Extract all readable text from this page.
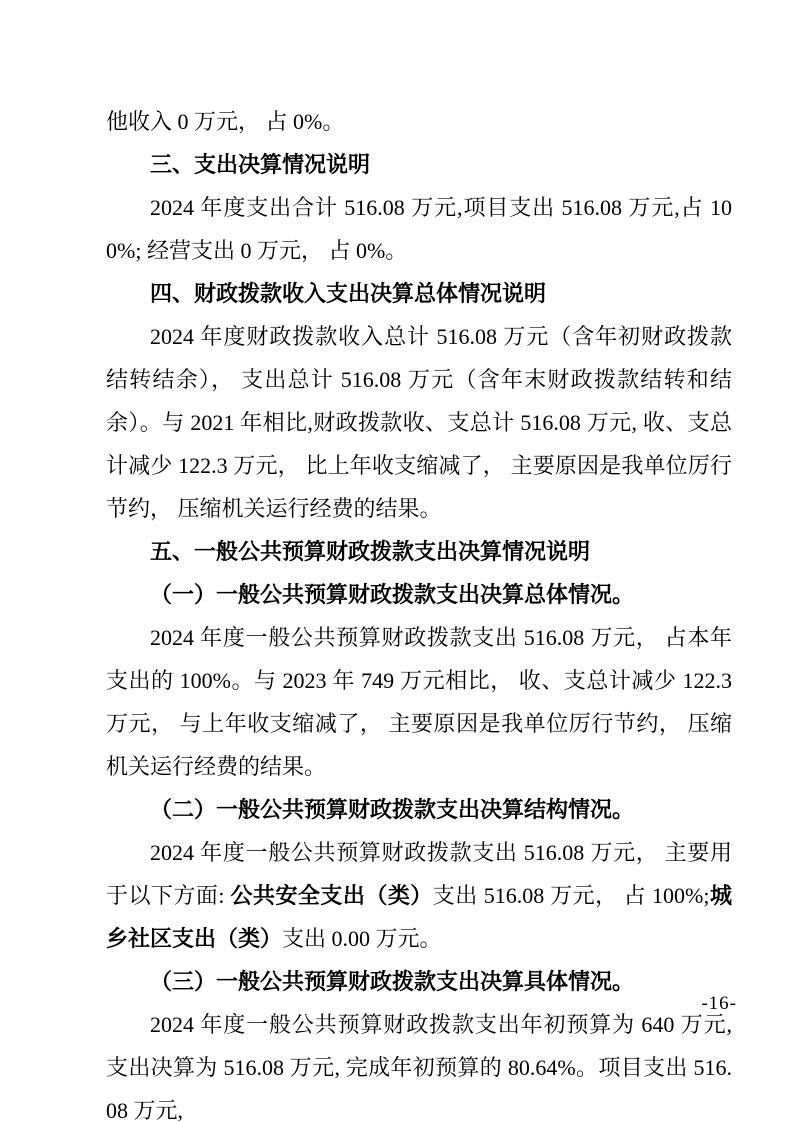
他收入 0 万元， 占 0%。

三、支出决算情况说明

2024 年度支出合计 516.08 万元,项目支出 516.08 万元,占 100%; 经营支出 0 万元， 占 0%。

四、财政拨款收入支出决算总体情况说明

2024 年度财政拨款收入总计 516.08 万元（含年初财政拨款结转结余）， 支出总计 516.08 万元（含年末财政拨款结转和结余）。与 2021 年相比,财政拨款收、支总计 516.08 万元, 收、支总计减少 122.3 万元， 比上年收支缩减了， 主要原因是我单位厉行节约， 压缩机关运行经费的结果。

五、一般公共预算财政拨款支出决算情况说明

（一）一般公共预算财政拨款支出决算总体情况。

2024 年度一般公共预算财政拨款支出 516.08 万元， 占本年支出的 100%。与 2023 年 749 万元相比， 收、支总计减少 122.3 万元， 与上年收支缩减了， 主要原因是我单位厉行节约， 压缩机关运行经费的结果。

（二）一般公共预算财政拨款支出决算结构情况。

2024 年度一般公共预算财政拨款支出 516.08 万元， 主要用于以下方面: 公共安全支出（类）支出 516.08 万元， 占 100%;城乡社区支出（类）支出 0.00 万元。

（三）一般公共预算财政拨款支出决算具体情况。

2024 年度一般公共预算财政拨款支出年初预算为 640 万元, 支出决算为 516.08 万元, 完成年初预算的 80.64%。项目支出 516.08 万元,

-16-
